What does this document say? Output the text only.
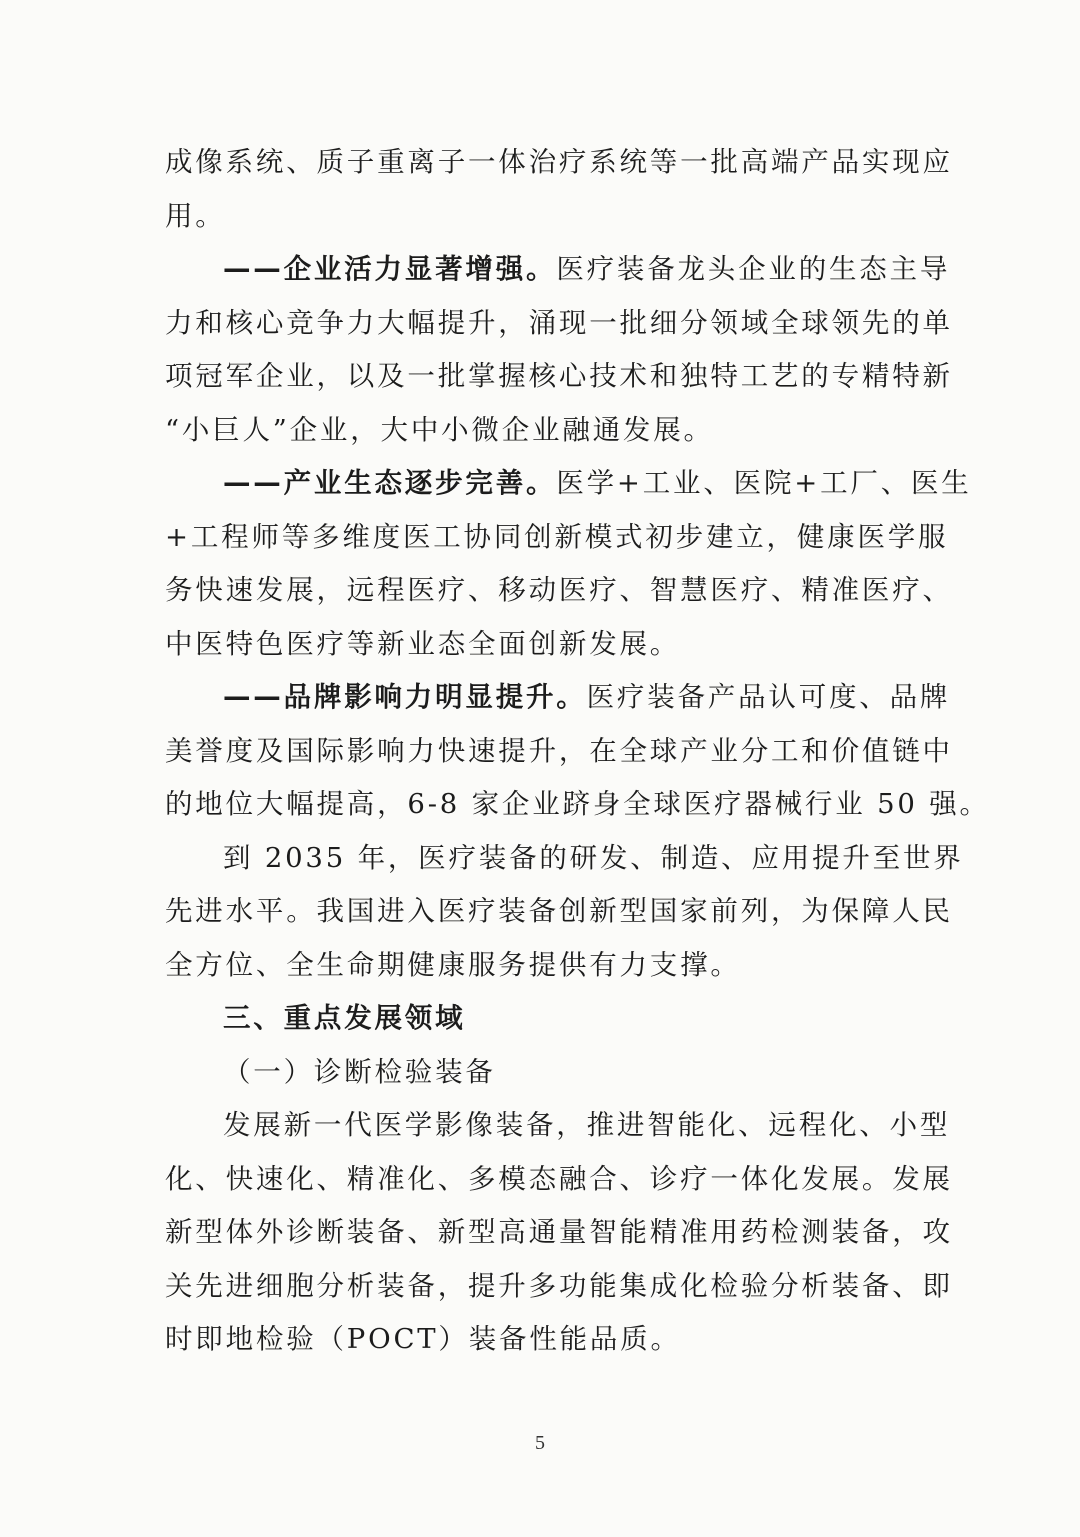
成像系统、质子重离子一体治疗系统等一批高端产品实现应
用。
——企业活力显著增强。医疗装备龙头企业的生态主导
力和核心竞争力大幅提升，涌现一批细分领域全球领先的单
项冠军企业，以及一批掌握核心技术和独特工艺的专精特新
“小巨人”企业，大中小微企业融通发展。
——产业生态逐步完善。医学+工业、医院+工厂、医生
+工程师等多维度医工协同创新模式初步建立，健康医学服
务快速发展，远程医疗、移动医疗、智慧医疗、精准医疗、
中医特色医疗等新业态全面创新发展。
——品牌影响力明显提升。医疗装备产品认可度、品牌
美誉度及国际影响力快速提升，在全球产业分工和价值链中
的地位大幅提高，6-8 家企业跻身全球医疗器械行业 50 强。
到 2035 年，医疗装备的研发、制造、应用提升至世界
先进水平。我国进入医疗装备创新型国家前列，为保障人民
全方位、全生命期健康服务提供有力支撑。
三、重点发展领域
（一）诊断检验装备
发展新一代医学影像装备，推进智能化、远程化、小型
化、快速化、精准化、多模态融合、诊疗一体化发展。发展
新型体外诊断装备、新型高通量智能精准用药检测装备，攻
关先进细胞分析装备，提升多功能集成化检验分析装备、即
时即地检验（POCT）装备性能品质。
5
